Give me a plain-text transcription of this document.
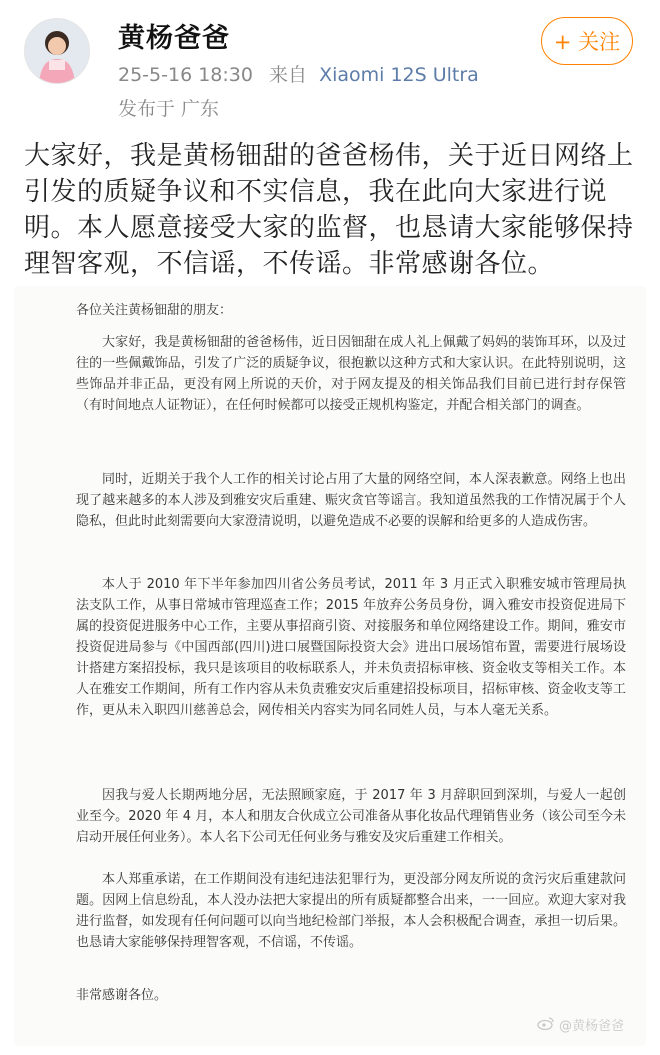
黄杨爸爸
25-5-16 18:30 来自 Xiaomi 12S Ultra
发布于 广东
+ 关注
大家好，我是黄杨钿甜的爸爸杨伟，关于近日网络上引发的质疑争议和不实信息，我在此向大家进行说明。本人愿意接受大家的监督，也恳请大家能够保持理智客观，不信谣，不传谣。非常感谢各位。
各位关注黄杨钿甜的朋友：
大家好，我是黄杨钿甜的爸爸杨伟，近日因钿甜在成人礼上佩戴了妈妈的装饰耳环，以及过往的一些佩戴饰品，引发了广泛的质疑争议，很抱歉以这种方式和大家认识。在此特别说明，这些饰品并非正品，更没有网上所说的天价，对于网友提及的相关饰品我们目前已进行封存保管（有时间地点人证物证），在任何时候都可以接受正规机构鉴定，并配合相关部门的调查。
同时，近期关于我个人工作的相关讨论占用了大量的网络空间，本人深表歉意。网络上也出现了越来越多的本人涉及到雅安灾后重建、赈灾贪官等谣言。我知道虽然我的工作情况属于个人隐私，但此时此刻需要向大家澄清说明，以避免造成不必要的误解和给更多的人造成伤害。
本人于 2010 年下半年参加四川省公务员考试，2011 年 3 月正式入职雅安城市管理局执法支队工作，从事日常城市管理巡查工作；2015 年放弃公务员身份，调入雅安市投资促进局下属的投资促进服务中心工作，主要从事招商引资、对接服务和单位网络建设工作。期间，雅安市投资促进局参与《中国西部(四川)进口展暨国际投资大会》进出口展场馆布置，需要进行展场设计搭建方案招投标，我只是该项目的收标联系人，并未负责招标审核、资金收支等相关工作。本人在雅安工作期间，所有工作内容从未负责雅安灾后重建招投标项目，招标审核、资金收支等工作，更从未入职四川慈善总会，网传相关内容实为同名同姓人员，与本人毫无关系。
因我与爱人长期两地分居，无法照顾家庭，于 2017 年 3 月辞职回到深圳，与爱人一起创业至今。2020 年 4 月，本人和朋友合伙成立公司准备从事化妆品代理销售业务（该公司至今未启动开展任何业务）。本人名下公司无任何业务与雅安及灾后重建工作相关。
本人郑重承诺，在工作期间没有违纪违法犯罪行为，更没部分网友所说的贪污灾后重建款问题。因网上信息纷乱，本人没办法把大家提出的所有质疑都整合出来，一一回应。欢迎大家对我进行监督，如发现有任何问题可以向当地纪检部门举报，本人会积极配合调查，承担一切后果。也恳请大家能够保持理智客观，不信谣，不传谣。
非常感谢各位。
@黄杨爸爸
